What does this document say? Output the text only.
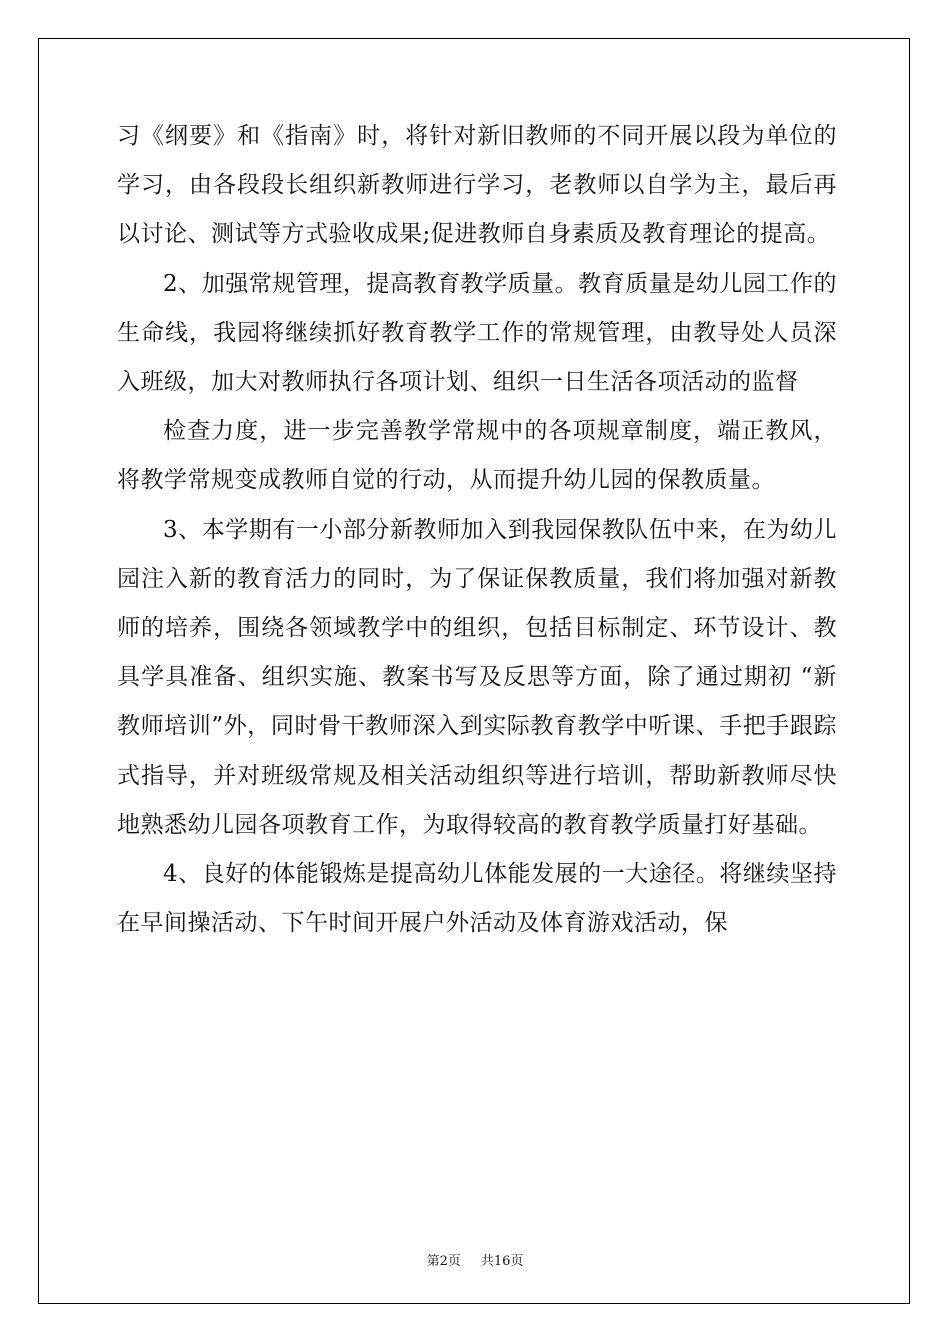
习《纲要》和《指南》时，将针对新旧教师的不同开展以段为单位的学习，由各段段长组织新教师进行学习，老教师以自学为主，最后再以讨论、测试等方式验收成果;促进教师自身素质及教育理论的提高。

2、加强常规管理，提高教育教学质量。教育质量是幼儿园工作的生命线，我园将继续抓好教育教学工作的常规管理，由教导处人员深入班级，加大对教师执行各项计划、组织一日生活各项活动的监督

检查力度，进一步完善教学常规中的各项规章制度，端正教风，将教学常规变成教师自觉的行动，从而提升幼儿园的保教质量。

3、本学期有一小部分新教师加入到我园保教队伍中来，在为幼儿园注入新的教育活力的同时，为了保证保教质量，我们将加强对新教师的培养，围绕各领域教学中的组织，包括目标制定、环节设计、教具学具准备、组织实施、教案书写及反思等方面，除了通过期初 “新教师培训”外，同时骨干教师深入到实际教育教学中听课、手把手跟踪式指导，并对班级常规及相关活动组织等进行培训，帮助新教师尽快地熟悉幼儿园各项教育工作，为取得较高的教育教学质量打好基础。

4、良好的体能锻炼是提高幼儿体能发展的一大途径。将继续坚持在早间操活动、下午时间开展户外活动及体育游戏活动，保

第2页 共16页
